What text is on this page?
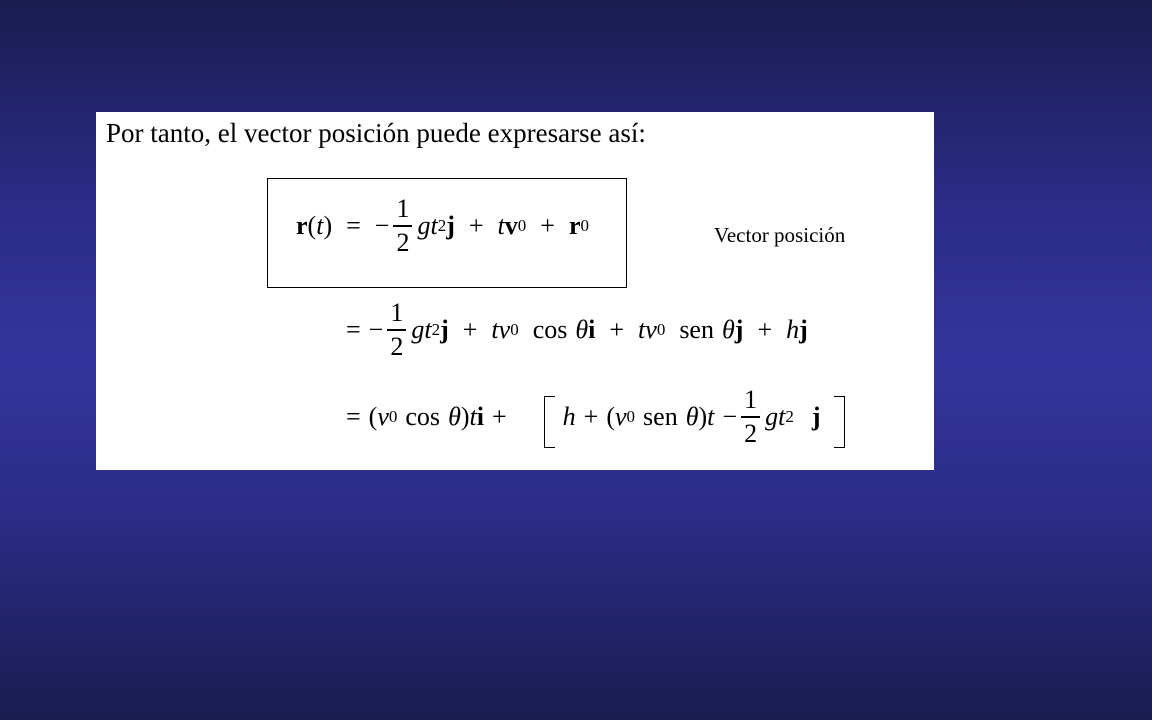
Por tanto, el vector posición puede expresarse así:
r ( t ) = − $\frac{1}{2}$ g t 2 j + t v 0 + r 0	Vector posición
= − $\frac{1}{2}$ g t 2 j + tv 0 cos θ i + tv 0 sen θ j + h j
= ( v 0 cos θ ) t i + h + ( v 0 sen θ ) $t - \frac{1}{2}$ g t 2 j
